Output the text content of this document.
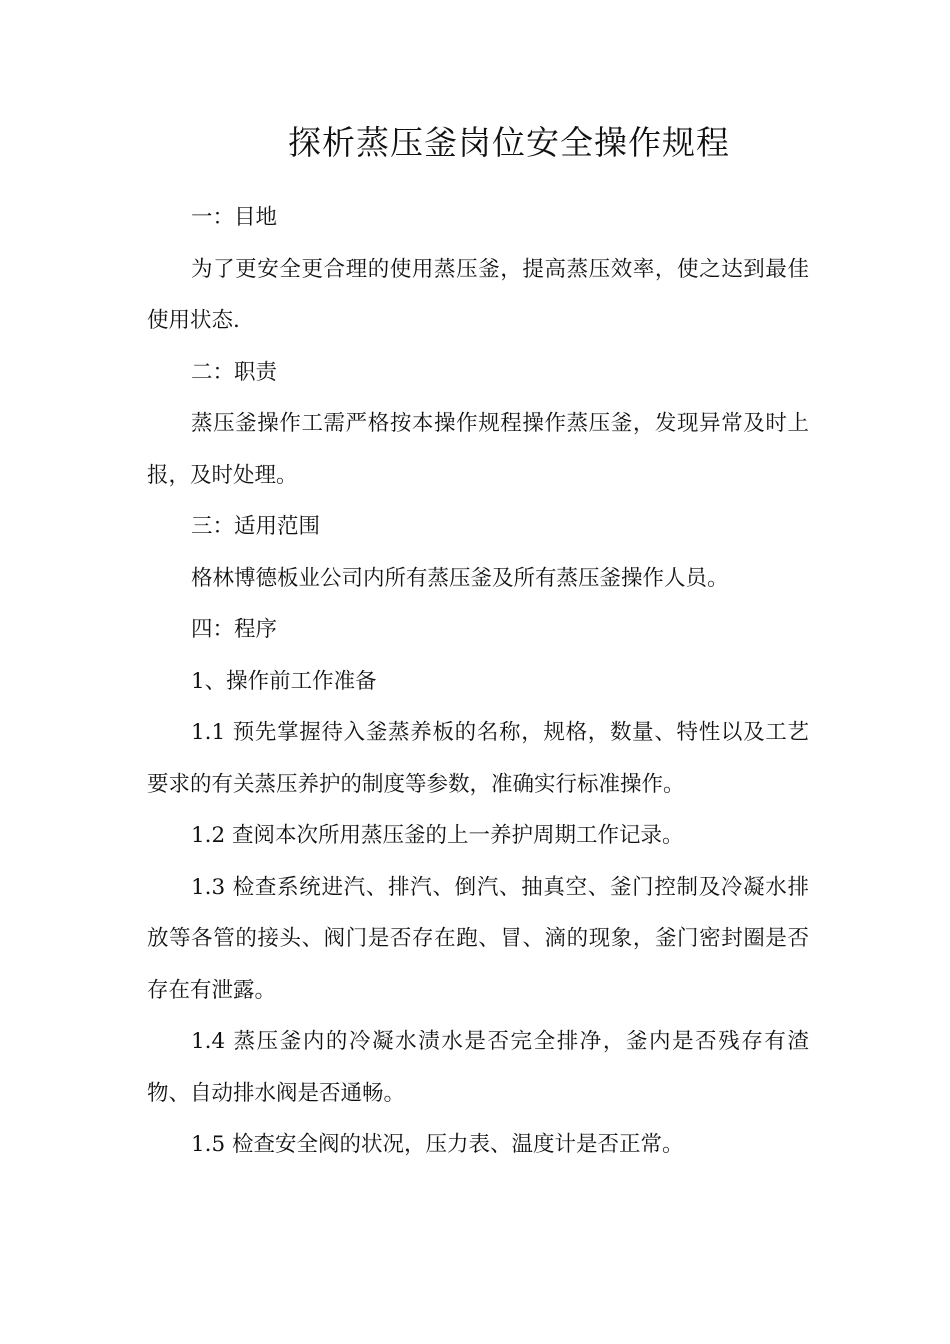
探析蒸压釜岗位安全操作规程

一：目地

为了更安全更合理的使用蒸压釜，提高蒸压效率，使之达到最佳使用状态.

二：职责

蒸压釜操作工需严格按本操作规程操作蒸压釜，发现异常及时上报，及时处理。

三：适用范围

格林博德板业公司内所有蒸压釜及所有蒸压釜操作人员。

四：程序

1、操作前工作准备

1.1 预先掌握待入釜蒸养板的名称，规格，数量、特性以及工艺要求的有关蒸压养护的制度等参数，准确实行标准操作。

1.2 查阅本次所用蒸压釜的上一养护周期工作记录。

1.3 检查系统进汽、排汽、倒汽、抽真空、釜门控制及冷凝水排放等各管的接头、阀门是否存在跑、冒、滴的现象，釜门密封圈是否存在有泄露。

1.4 蒸压釜内的冷凝水渍水是否完全排净，釜内是否残存有渣物、自动排水阀是否通畅。

1.5 检查安全阀的状况，压力表、温度计是否正常。
